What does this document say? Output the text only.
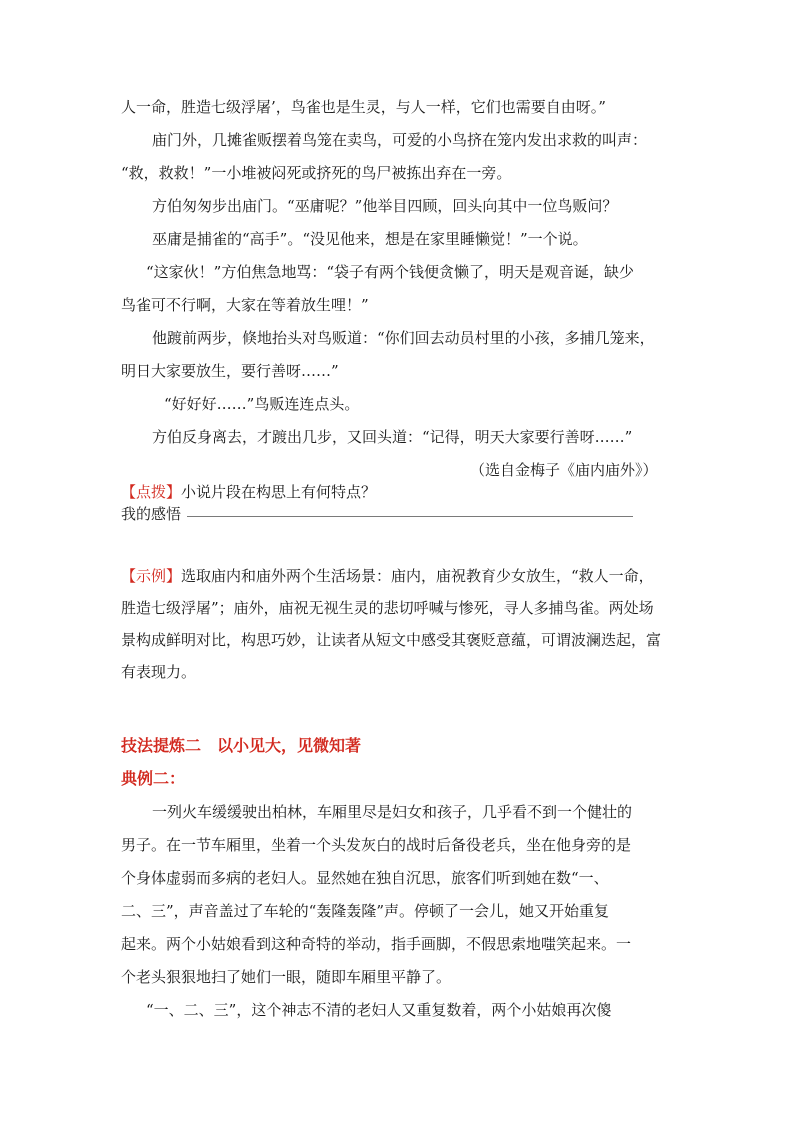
人一命，胜造七级浮屠’，鸟雀也是生灵，与人一样，它们也需要自由呀。”
庙门外，几摊雀贩摆着鸟笼在卖鸟，可爱的小鸟挤在笼内发出求救的叫声：
“救，救救！”一小堆被闷死或挤死的鸟尸被拣出弃在一旁。
方伯匆匆步出庙门。“巫庸呢？”他举目四顾，回头向其中一位鸟贩问？
巫庸是捕雀的“高手”。“没见他来，想是在家里睡懒觉！”一个说。
“这家伙！”方伯焦急地骂：“袋子有两个钱便贪懒了，明天是观音诞，缺少
鸟雀可不行啊，大家在等着放生哩！”
他踱前两步，倏地抬头对鸟贩道：“你们回去动员村里的小孩，多捕几笼来，
明日大家要放生，要行善呀……”
“好好好……”鸟贩连连点头。
方伯反身离去，才踱出几步，又回头道：“记得，明天大家要行善呀……”
（选自金梅子《庙内庙外》）
【点拨】小说片段在构思上有何特点？
我的感悟
【示例】选取庙内和庙外两个生活场景：庙内，庙祝教育少女放生，“救人一命，
胜造七级浮屠”；庙外，庙祝无视生灵的悲切呼喊与惨死，寻人多捕鸟雀。两处场
景构成鲜明对比，构思巧妙，让读者从短文中感受其褒贬意蕴，可谓波澜迭起，富
有表现力。
技法提炼二　以小见大，见微知著
典例二：
一列火车缓缓驶出柏林，车厢里尽是妇女和孩子，几乎看不到一个健壮的
男子。在一节车厢里，坐着一个头发灰白的战时后备役老兵，坐在他身旁的是
个身体虚弱而多病的老妇人。显然她在独自沉思，旅客们听到她在数“一、
二、三”，声音盖过了车轮的“轰隆轰隆”声。停顿了一会儿，她又开始重复
起来。两个小姑娘看到这种奇特的举动，指手画脚，不假思索地嗤笑起来。一
个老头狠狠地扫了她们一眼，随即车厢里平静了。
“一、二、三”，这个神志不清的老妇人又重复数着，两个小姑娘再次傻
